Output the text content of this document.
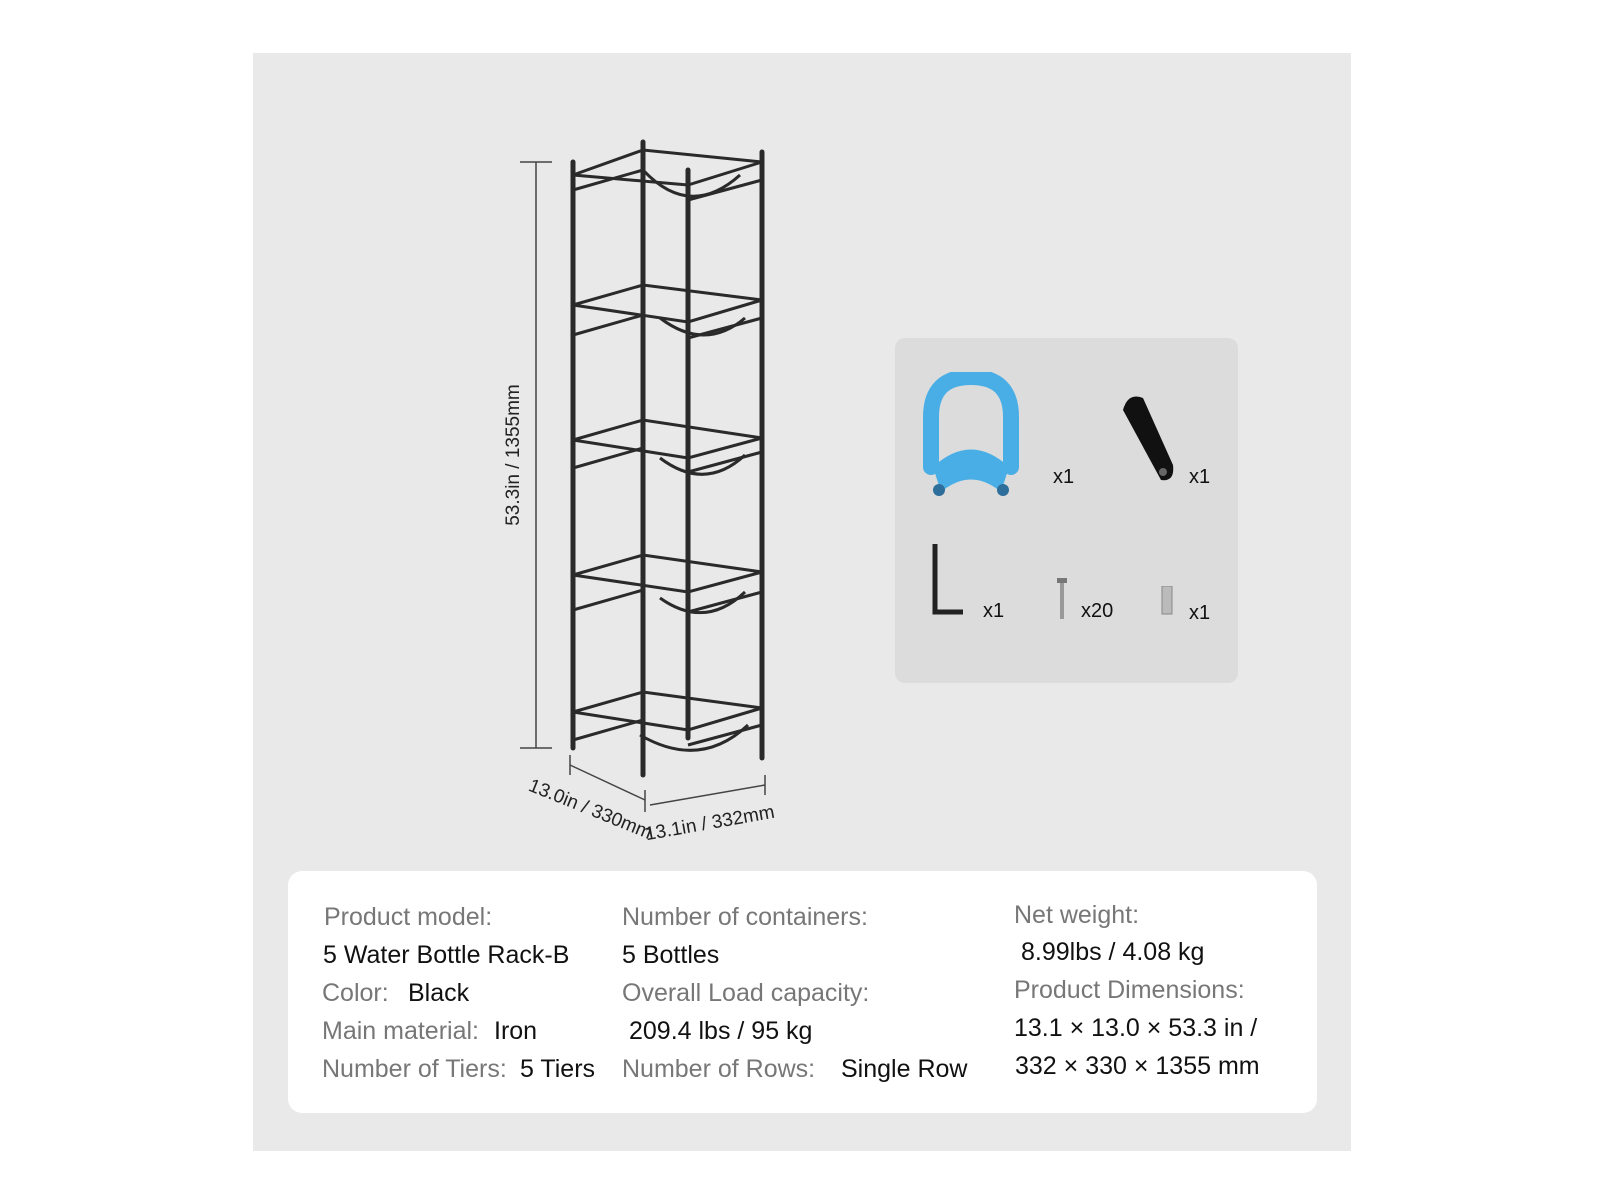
53.3in / 1355mm
13.0in / 330mm
13.1in / 332mm
x1	x1
x1	x20	x1
Product model:
5 Water Bottle Rack-B
Color: Black
Main material: Iron
Number of Tiers: 5 Tiers
Number of containers:
5 Bottles
Overall Load capacity:
209.4 lbs / 95 kg
Number of Rows: Single Row
Net weight:
8.99lbs / 4.08 kg
Product Dimensions:
13.1 × 13.0 × 53.3 in /
332 × 330 × 1355 mm
